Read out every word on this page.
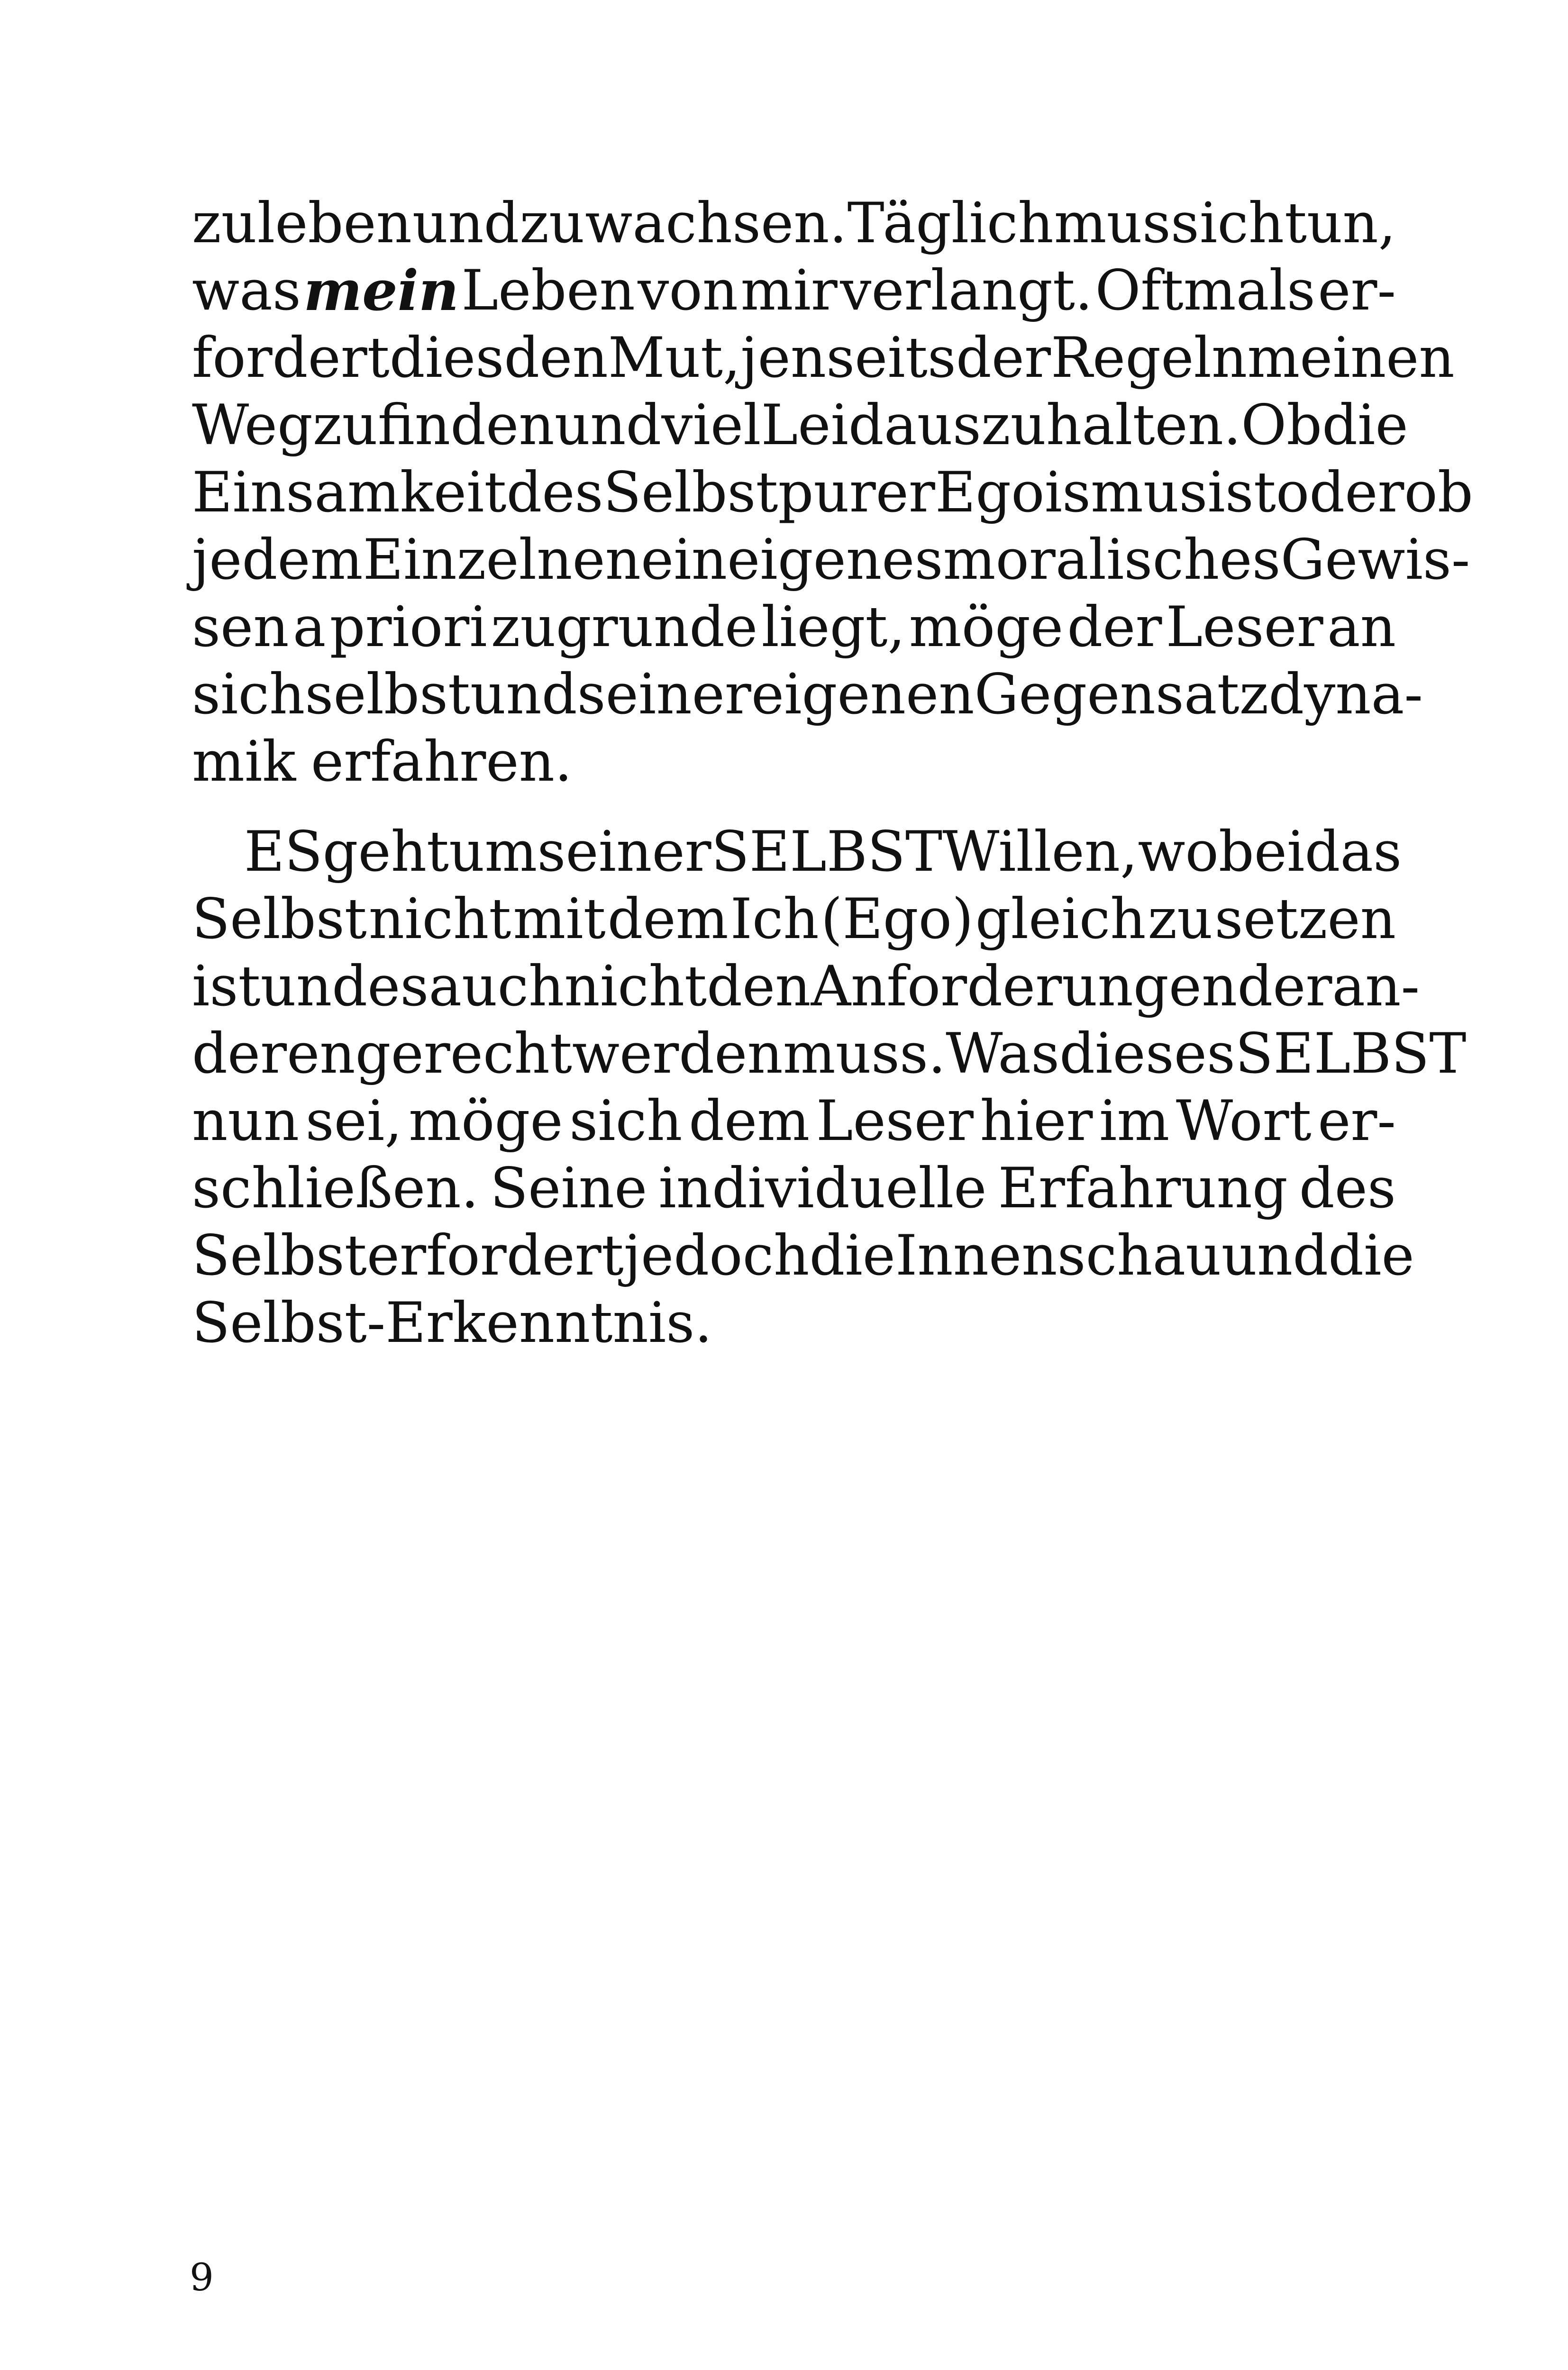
zu leben und zu wachsen. Täglich muss ich tun,
was mein Leben von mir verlangt. Oftmals er-
fordert dies den Mut, jenseits der Regeln meinen
Weg zu finden und viel Leid auszuhalten. Ob die
Einsamkeit des Selbst purer Egoismus ist oder ob
jedem Einzelnen ein eigenes moralisches Gewis-
sen a priori zugrunde liegt, möge der Leser an
sich selbst und seiner eigenen Gegensatzdyna-
mik erfahren.
ES geht um seiner SELBST Willen, wobei das
Selbst nicht mit dem Ich (Ego) gleich zu setzen
ist und es auch nicht den Anforderungen der an-
deren gerecht werden muss. Was dieses SELBST
nun sei, möge sich dem Leser hier im Wort er-
schließen. Seine individuelle Erfahrung des
Selbst erfordert jedoch die Innenschau und die
Selbst-Erkenntnis.
9
